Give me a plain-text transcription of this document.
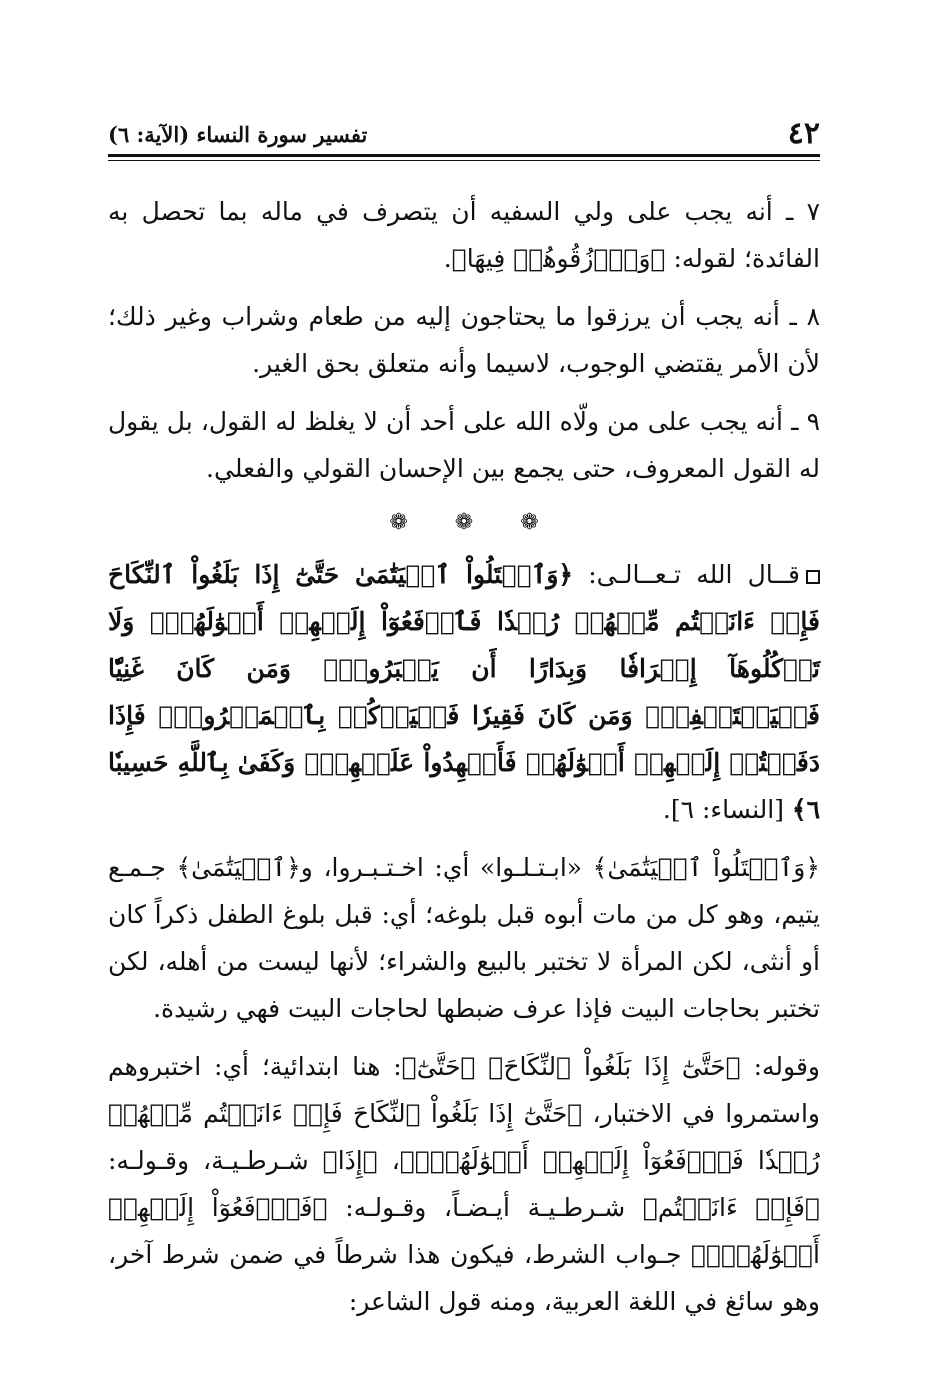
٤٢
تفسير سورة النساء (الآية: ٦)

٧ ـ أنه يجب على ولي السفيه أن يتصرف في ماله بما تحصل به الفائدة؛ لقوله: ﴿وَٱرۡزُقُوهُمۡ فِيهَا﴾.

٨ ـ أنه يجب أن يرزقوا ما يحتاجون إليه من طعام وشراب وغير ذلك؛ لأن الأمر يقتضي الوجوب، لاسيما وأنه متعلق بحق الغير.

٩ ـ أنه يجب على من ولّاه الله على أحد أن لا يغلظ له القول، بل يقول له القول المعروف، حتى يجمع بين الإحسان القولي والفعلي.

❁ ❁ ❁

قــال الله تـعــالـى: ﴿وَٱبۡتَلُواْ ٱلۡيَتَٰمَىٰ حَتَّىٰٓ إِذَا بَلَغُواْ ٱلنِّكَاحَ فَإِنۡ ءَانَسۡتُم مِّنۡهُمۡ رُشۡدٗا فَٱدۡفَعُوٓاْ إِلَيۡهِمۡ أَمۡوَٰلَهُمۡۖ وَلَا تَأۡكُلُوهَآ إِسۡرَافٗا وَبِدَارًا أَن يَكۡبَرُواْۚ وَمَن كَانَ غَنِيّٗا فَلۡيَسۡتَعۡفِفۡۖ وَمَن كَانَ فَقِيرٗا فَلۡيَأۡكُلۡ بِٱلۡمَعۡرُوفِۚ فَإِذَا دَفَعۡتُمۡ إِلَيۡهِمۡ أَمۡوَٰلَهُمۡ فَأَشۡهِدُواْ عَلَيۡهِمۡۚ وَكَفَىٰ بِٱللَّهِ حَسِيبٗا ٦﴾ [النساء: ٦].

﴿وَٱبۡتَلُواْ ٱلۡيَتَٰمَىٰ﴾ «ابـتـلـوا» أي: اخـتـبـروا، و﴿ٱلۡيَتَٰمَىٰ﴾ جـمـع يتيم، وهو كل من مات أبوه قبل بلوغه؛ أي: قبل بلوغ الطفل ذكراً كان أو أنثى، لكن المرأة لا تختبر بالبيع والشراء؛ لأنها ليست من أهله، لكن تختبر بحاجات البيت فإذا عرف ضبطها لحاجات البيت فهي رشيدة.

وقوله: ﴿حَتَّىٰٓ إِذَا بَلَغُواْ ٱلنِّكَاحَ﴾ ﴿حَتَّىٰٓ﴾: هنا ابتدائية؛ أي: اختبروهم واستمروا في الاختبار، ﴿حَتَّىٰٓ إِذَا بَلَغُواْ ٱلنِّكَاحَ فَإِنۡ ءَانَسۡتُم مِّنۡهُمۡ رُشۡدٗا فَٱدۡفَعُوٓاْ إِلَيۡهِمۡ أَمۡوَٰلَهُمۡۖ﴾، ﴿إِذَا﴾ شـرطـيـة، وقـولـه: ﴿فَإِنۡ ءَانَسۡتُم﴾ شـرطـيـة أيـضـاً، وقـولـه: ﴿فَٱدۡفَعُوٓاْ إِلَيۡهِمۡ أَمۡوَٰلَهُمۡۖ﴾ جـواب الشرط، فيكون هذا شرطاً في ضمن شرط آخر، وهو سائغ في اللغة العربية، ومنه قول الشاعر:
